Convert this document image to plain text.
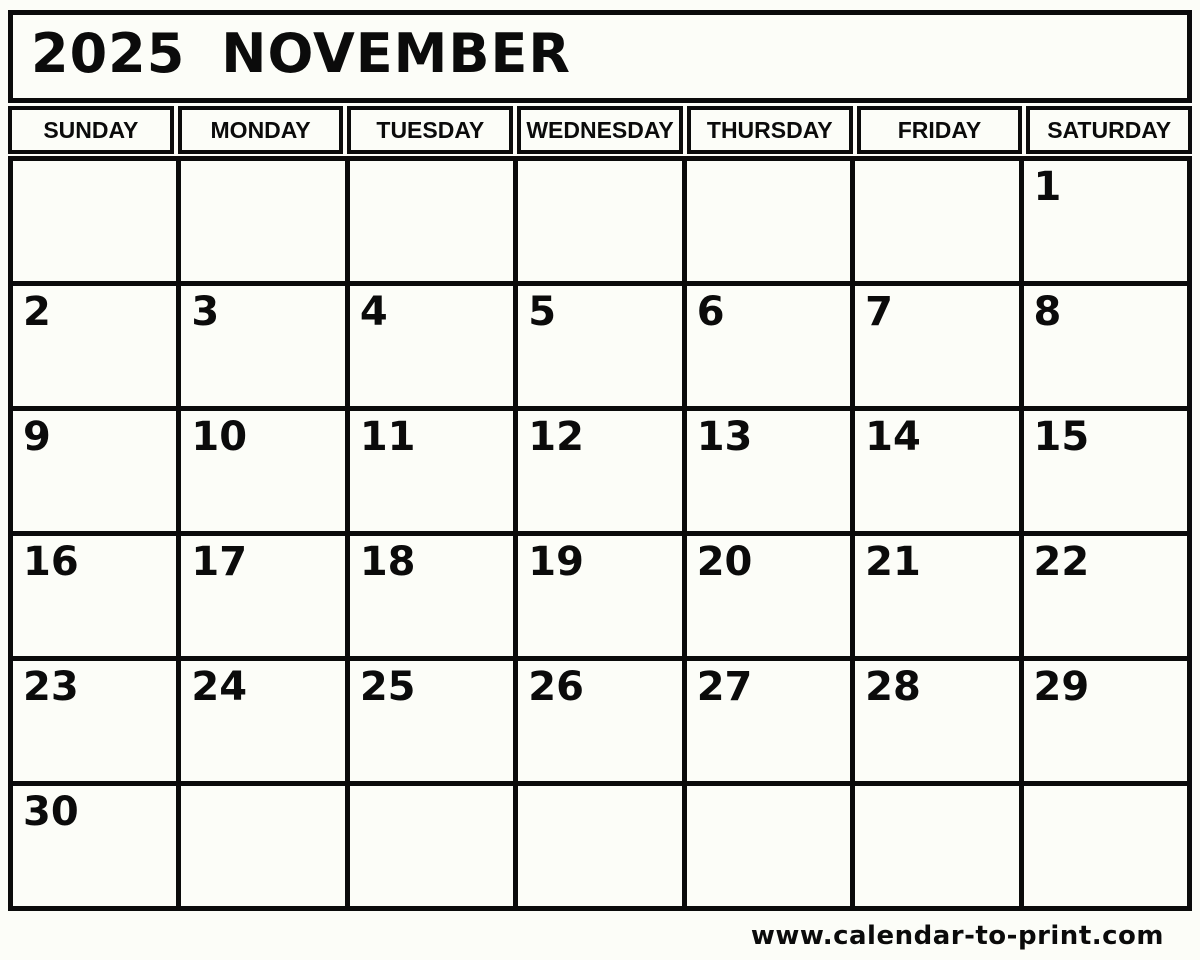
2025 NOVEMBER
SUNDAY	MONDAY	TUESDAY	WEDNESDAY	THURSDAY	FRIDAY	SATURDAY
						1
2	3	4	5	6	7	8
9	10	11	12	13	14	15
16	17	18	19	20	21	22
23	24	25	26	27	28	29
30						
www.calendar-to-print.com
